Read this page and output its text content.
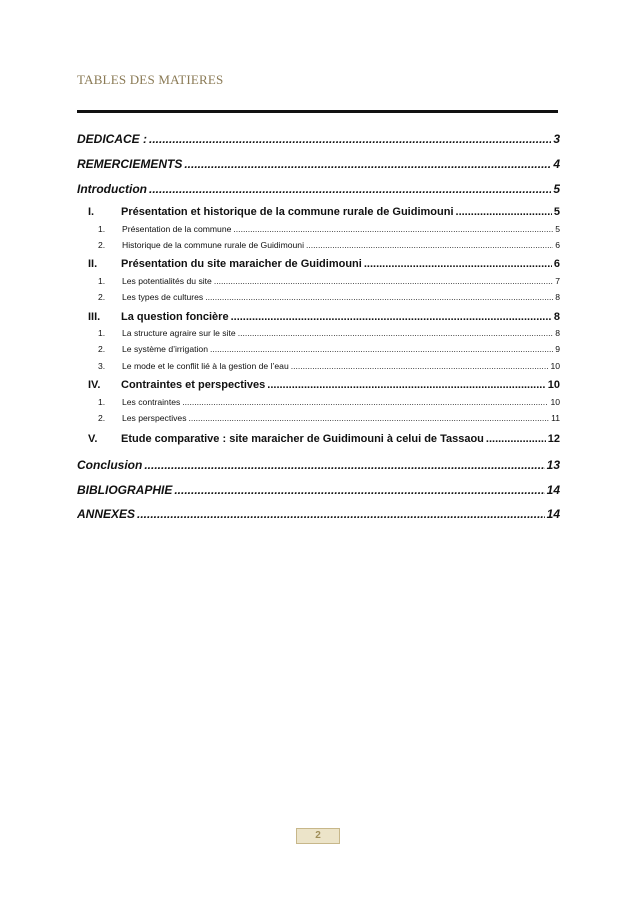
TABLES DES MATIERES
DEDICACE : .....	3
REMERCIEMENTS .....	4
Introduction .....	5
I.	Présentation et historique de la commune rurale de Guidimouni .....	5
1.	Présentation de la commune .....	5
2.	Historique de la commune rurale de Guidimouni .....	6
II.	Présentation du site maraicher de Guidimouni .....	6
1.	Les potentialités du site .....	7
2.	Les types de cultures .....	8
III.	La question foncière .....	8
1.	La structure agraire sur le site .....	8
2.	Le système d’irrigation .....	9
3.	Le mode et le conflit lié à la gestion de l’eau .....	10
IV.	Contraintes et perspectives .....	10
1.	Les contraintes .....	10
2.	Les perspectives .....	11
V.	Etude comparative : site maraicher de Guidimouni à celui de Tassaou .....	12
Conclusion .....	13
BIBLIOGRAPHIE .....	14
ANNEXES .....	14
2
